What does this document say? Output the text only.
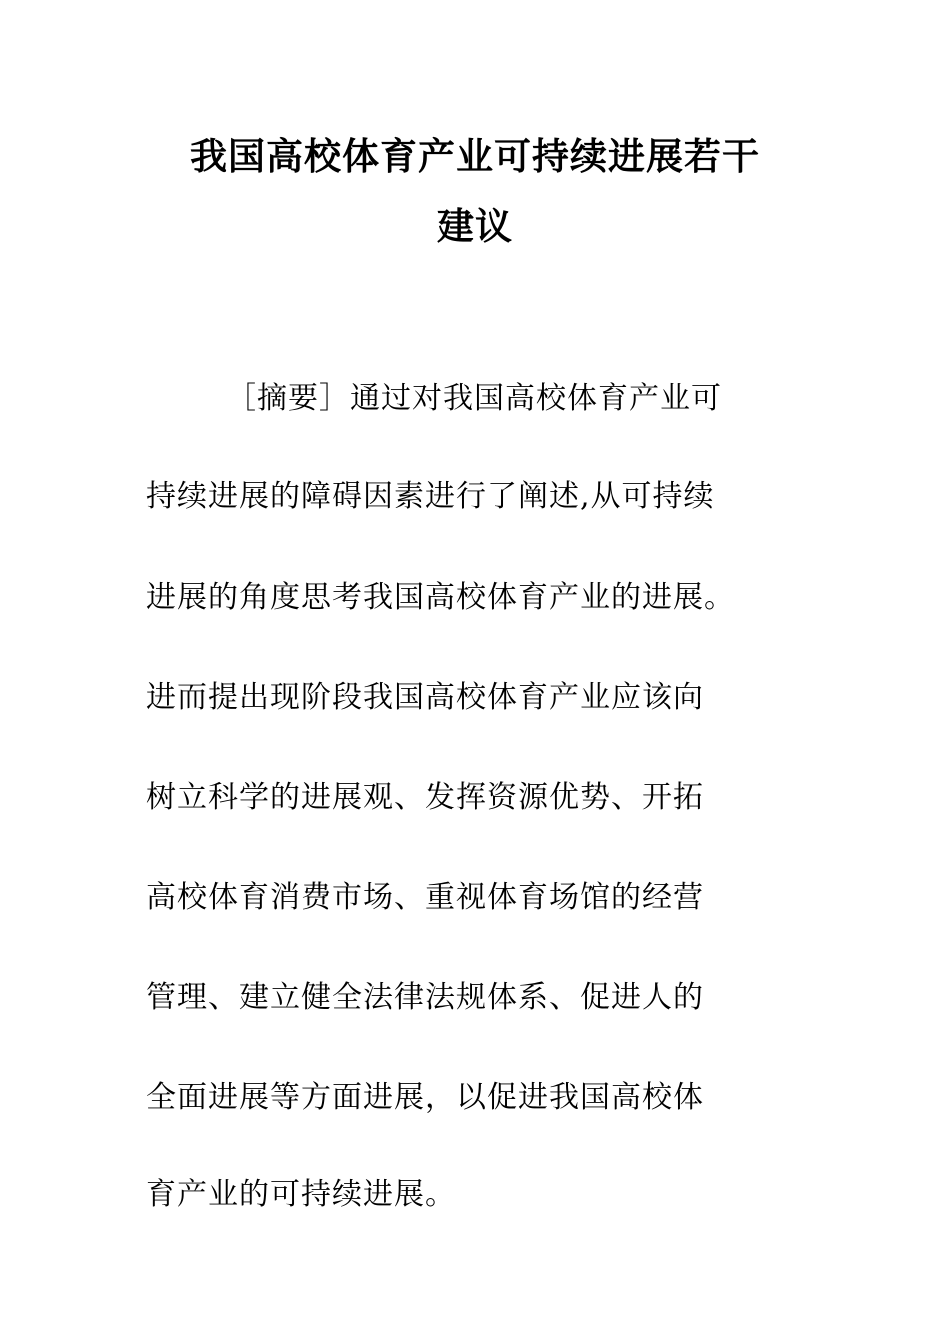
我国高校体育产业可持续进展若干
建议
［摘要］通过对我国高校体育产业可
持续进展的障碍因素进行了阐述,从可持续
进展的角度思考我国高校体育产业的进展。
进而提出现阶段我国高校体育产业应该向
树立科学的进展观、发挥资源优势、开拓
高校体育消费市场、重视体育场馆的经营
管理、建立健全法律法规体系、促进人的
全面进展等方面进展，以促进我国高校体
育产业的可持续进展。
